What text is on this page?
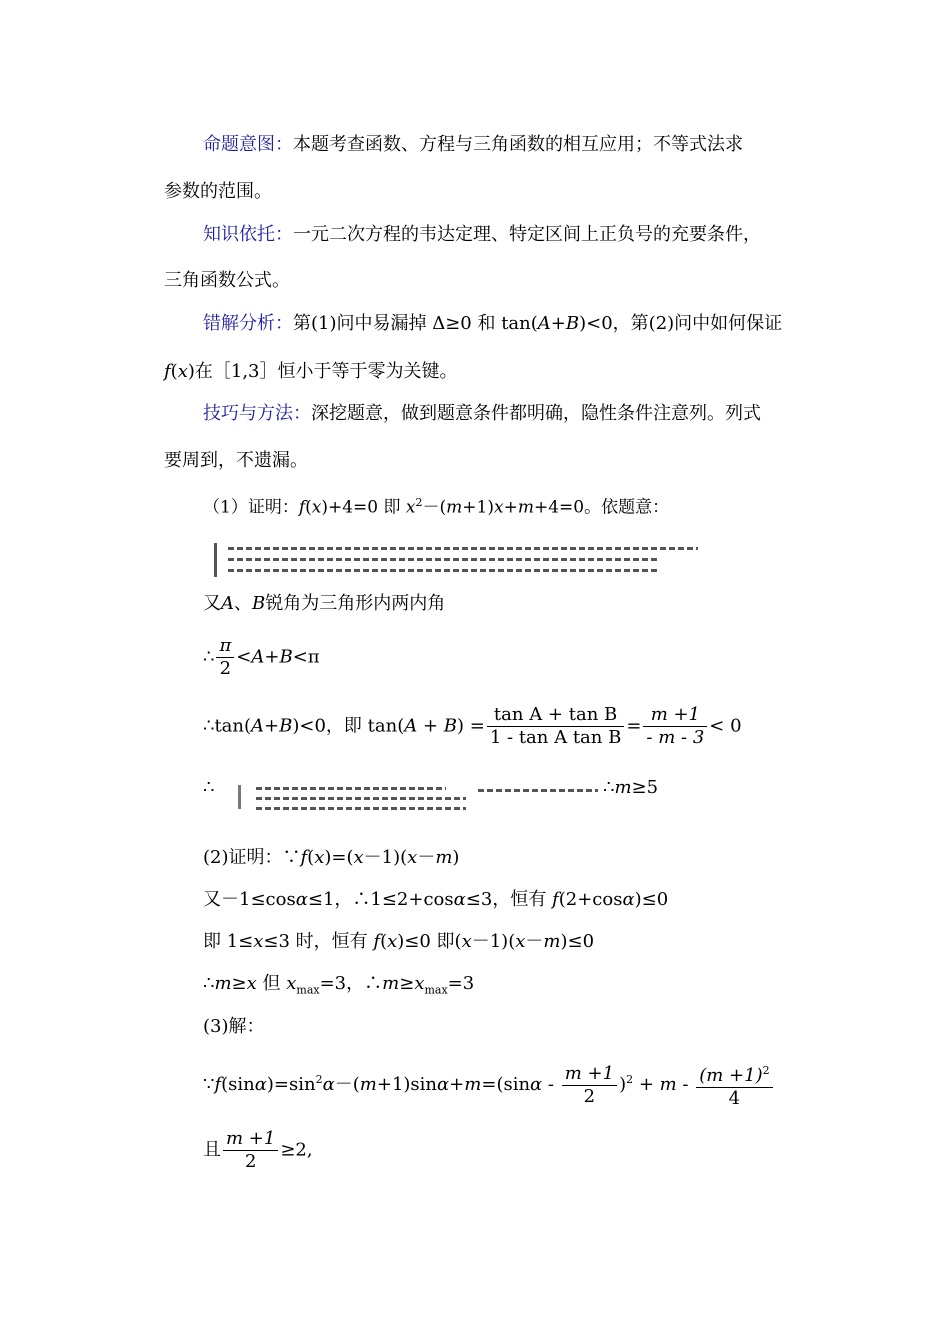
命题意图：本题考查函数、方程与三角函数的相互应用；不等式法求
参数的范围。
知识依托：一元二次方程的韦达定理、特定区间上正负号的充要条件，
三角函数公式。
错解分析：第(1)问中易漏掉 Δ≥0 和 tan(A+B)<0，第(2)问中如何保证
f(x)在［1,3］恒小于等于零为关键。
技巧与方法：深挖题意，做到题意条件都明确，隐性条件注意列。列式
要周到，不遗漏。
（1）证明：f(x)+4=0 即 $x^2-(m+1)x+m+4=0$。依题意：
又A、B锐角为三角形内两内角
∴ $\frac{\pi}{2} <A+B<\pi$
∴tan(A+B)<0，即 $\tan(A + B) = \frac{\text{tan A + tan B}}{\text{1 - tan A tan B}} = \frac{m +1}{- m - 3} < 0$
∴	∴m≥5
(2)证明：∵f(x)=(x－1)(x－m)
又－1≤cosα≤1，∴1≤2+cosα≤3，恒有 f(2+cosα)≤0
即 1≤x≤3 时，恒有 f(x)≤0 即(x－1)(x－m)≤0
∴m≥x 但 $x_{max}=3$，$\therefore m\ge x_{max}=3$
(3)解：
$\because f(\sin\alpha)=\sin^2\alpha-(m+1)\sin\alpha+m=(\sin\alpha - \frac{m +1}{2} )^2 + m - \frac{(m +1)^2}{4}$
且 $\frac{m +1}{2} \ge 2$,
